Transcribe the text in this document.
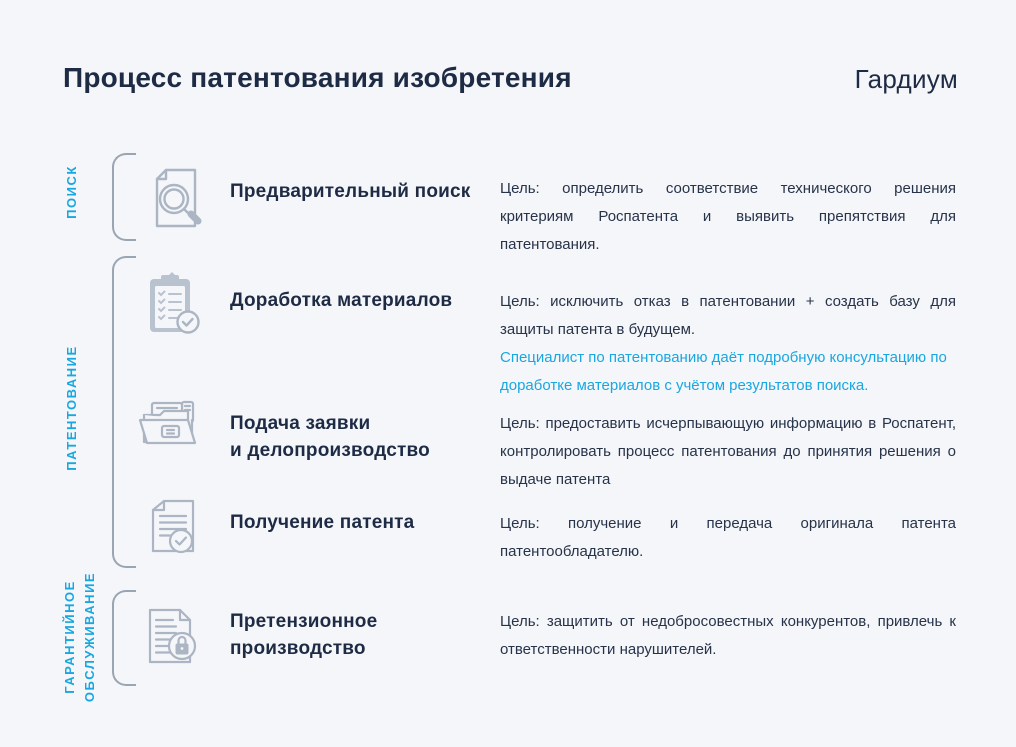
Процесс патентования изобретения	Гардиум
ПОИСК
ПАТЕНТОВАНИЕ
ГАРАНТИЙНОЕ
ОБСЛУЖИВАНИЕ
Предварительный поиск Цель: определить соответствие технического решения критериям Роспатента и выявить препятствия для патентования.
Доработка материалов	Цель: исключить отказ в патентовании + создать базу для защиты патента в будущем.
Специалист по патентованию даёт подробную консультацию по доработке материалов с учётом результатов поиска.
Подача заявки
и делопроизводство
Цель: предоставить исчерпывающую информацию в Роспатент, контролировать процесс патентования до принятия решения о выдаче патента
Получение патента	Цель: получение и передача оригинала патента патентообладателю.
Претензионное
производство
Цель: защитить от недобросовестных конкурентов, привлечь к ответственности нарушителей.
